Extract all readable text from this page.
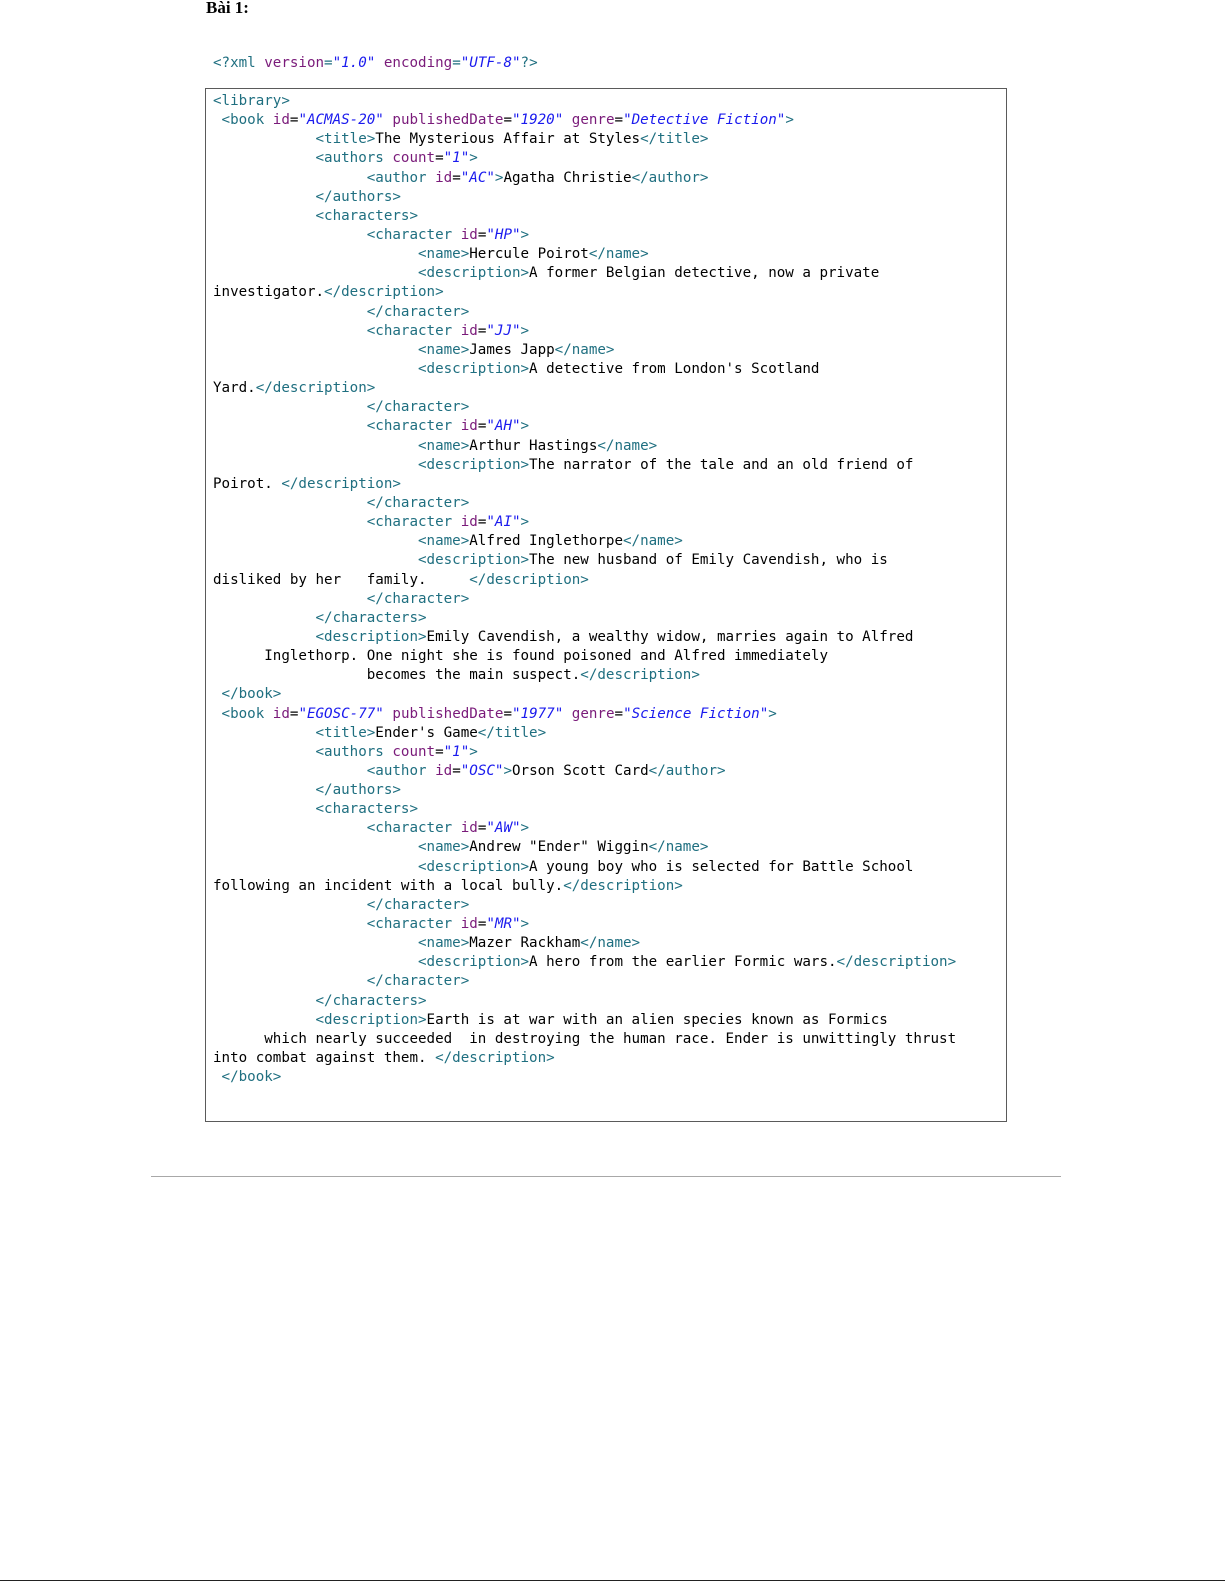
Bài 1:
<?xml version="1.0" encoding="UTF-8"?>
<library>
<book id="ACMAS-20" publishedDate="1920" genre="Detective Fiction">
<title>The Mysterious Affair at Styles</title>
<authors count="1">
<author id="AC">Agatha Christie</author>
</authors>
<characters>
<character id="HP">
<name>Hercule Poirot</name>
<description>A former Belgian detective, now a private
investigator.</description>
</character>
<character id="JJ">
<name>James Japp</name>
<description>A detective from London's Scotland
Yard.</description>
</character>
<character id="AH">
<name>Arthur Hastings</name>
<description>The narrator of the tale and an old friend of
Poirot. </description>
</character>
<character id="AI">
<name>Alfred Inglethorpe</name>
<description>The new husband of Emily Cavendish, who is
disliked by her   family.     </description>
</character>
</characters>
<description>Emily Cavendish, a wealthy widow, marries again to Alfred
Inglethorp. One night she is found poisoned and Alfred immediately
becomes the main suspect.</description>
</book>
<book id="EGOSC-77" publishedDate="1977" genre="Science Fiction">
<title>Ender's Game</title>
<authors count="1">
<author id="OSC">Orson Scott Card</author>
</authors>
<characters>
<character id="AW">
<name>Andrew "Ender" Wiggin</name>
<description>A young boy who is selected for Battle School
following an incident with a local bully.</description>
</character>
<character id="MR">
<name>Mazer Rackham</name>
<description>A hero from the earlier Formic wars.</description>
</character>
</characters>
<description>Earth is at war with an alien species known as Formics
which nearly succeeded  in destroying the human race. Ender is unwittingly thrust
into combat against them. </description>
</book>
